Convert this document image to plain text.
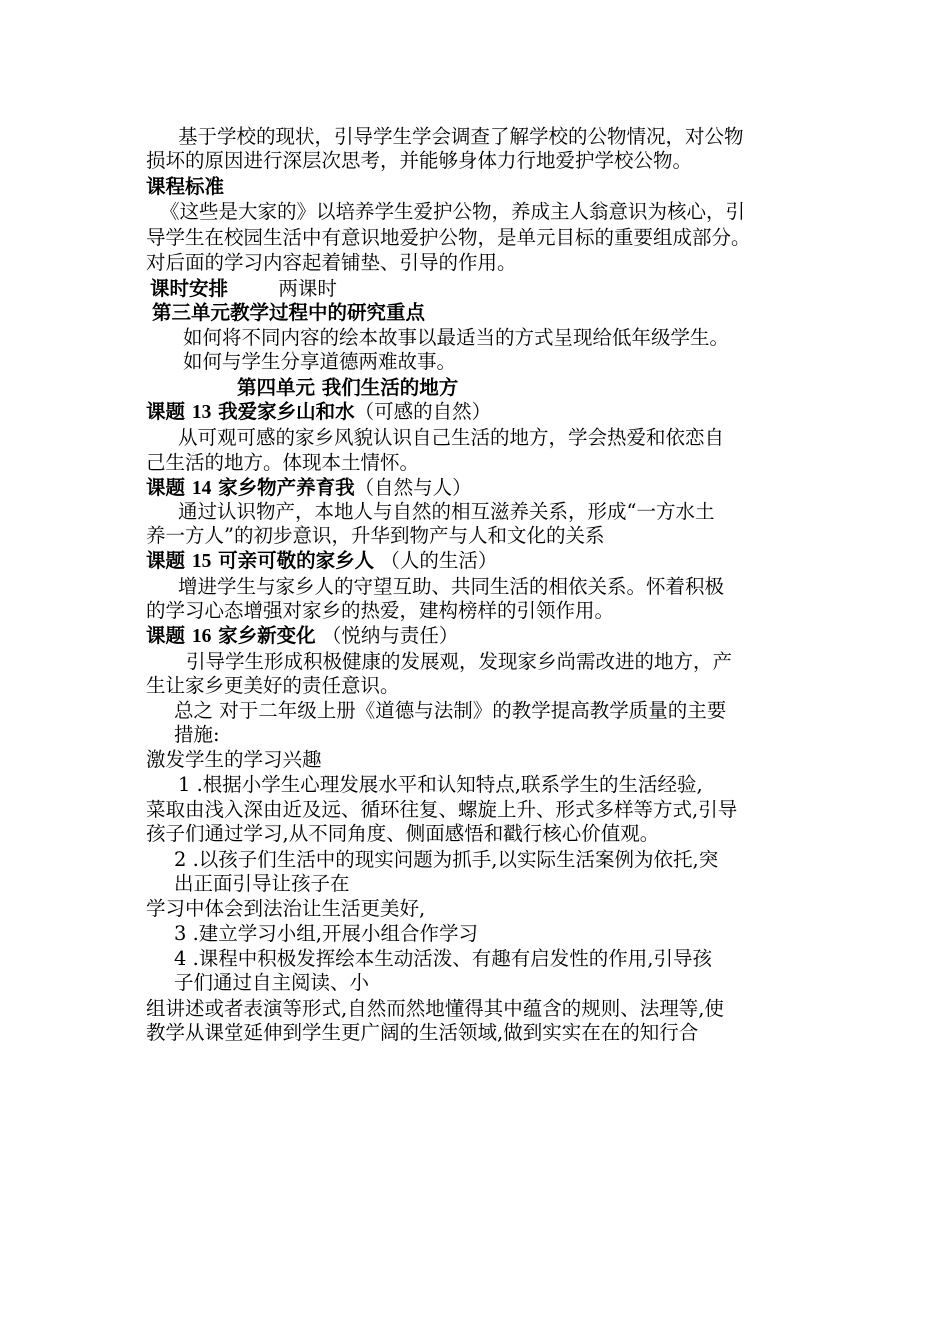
基于学校的现状，引导学生学会调查了解学校的公物情况，对公物
损坏的原因进行深层次思考，并能够身体力行地爱护学校公物。
课程标准
《这些是大家的》以培养学生爱护公物，养成主人翁意识为核心，引
导学生在校园生活中有意识地爱护公物，是单元目标的重要组成部分。
对后面的学习内容起着铺垫、引导的作用。
课时安排	两课时
第三单元教学过程中的研究重点
如何将不同内容的绘本故事以最适当的方式呈现给低年级学生。
如何与学生分享道德两难故事。
第四单元 我们生活的地方
课题 13 我爱家乡山和水（可感的自然）
从可观可感的家乡风貌认识自己生活的地方，学会热爱和依恋自
己生活的地方。体现本土情怀。
课题 14 家乡物产养育我（自然与人）
通过认识物产，本地人与自然的相互滋养关系，形成“一方水土
养一方人”的初步意识，升华到物产与人和文化的关系
课题 15 可亲可敬的家乡人 （人的生活）
增进学生与家乡人的守望互助、共同生活的相依关系。怀着积极
的学习心态增强对家乡的热爱，建构榜样的引领作用。
课题 16 家乡新变化 （悦纳与责任）
引导学生形成积极健康的发展观，发现家乡尚需改进的地方，产
生让家乡更美好的责任意识。
总之 对于二年级上册《道德与法制》的教学提高教学质量的主要
措施:
激发学生的学习兴趣
1 .根据小学生心理发展水平和认知特点,联系学生的生活经验,
菜取由浅入深由近及远、循环往复、螺旋上升、形式多样等方式,引导
孩子们通过学习,从不同角度、侧面感悟和戳行核心价值观。
2 .以孩子们生活中的现实问题为抓手,以实际生活案例为依托,突
出正面引导让孩子在
学习中体会到法治让生活更美好,
3 .建立学习小组,开展小组合作学习
4 .课程中积极发挥绘本生动活泼、有趣有启发性的作用,引导孩
子们通过自主阅读、小
组讲述或者表演等形式,自然而然地懂得其中蕴含的规则、法理等,使
教学从课堂延伸到学生更广阔的生活领域,做到实实在在的知行合
